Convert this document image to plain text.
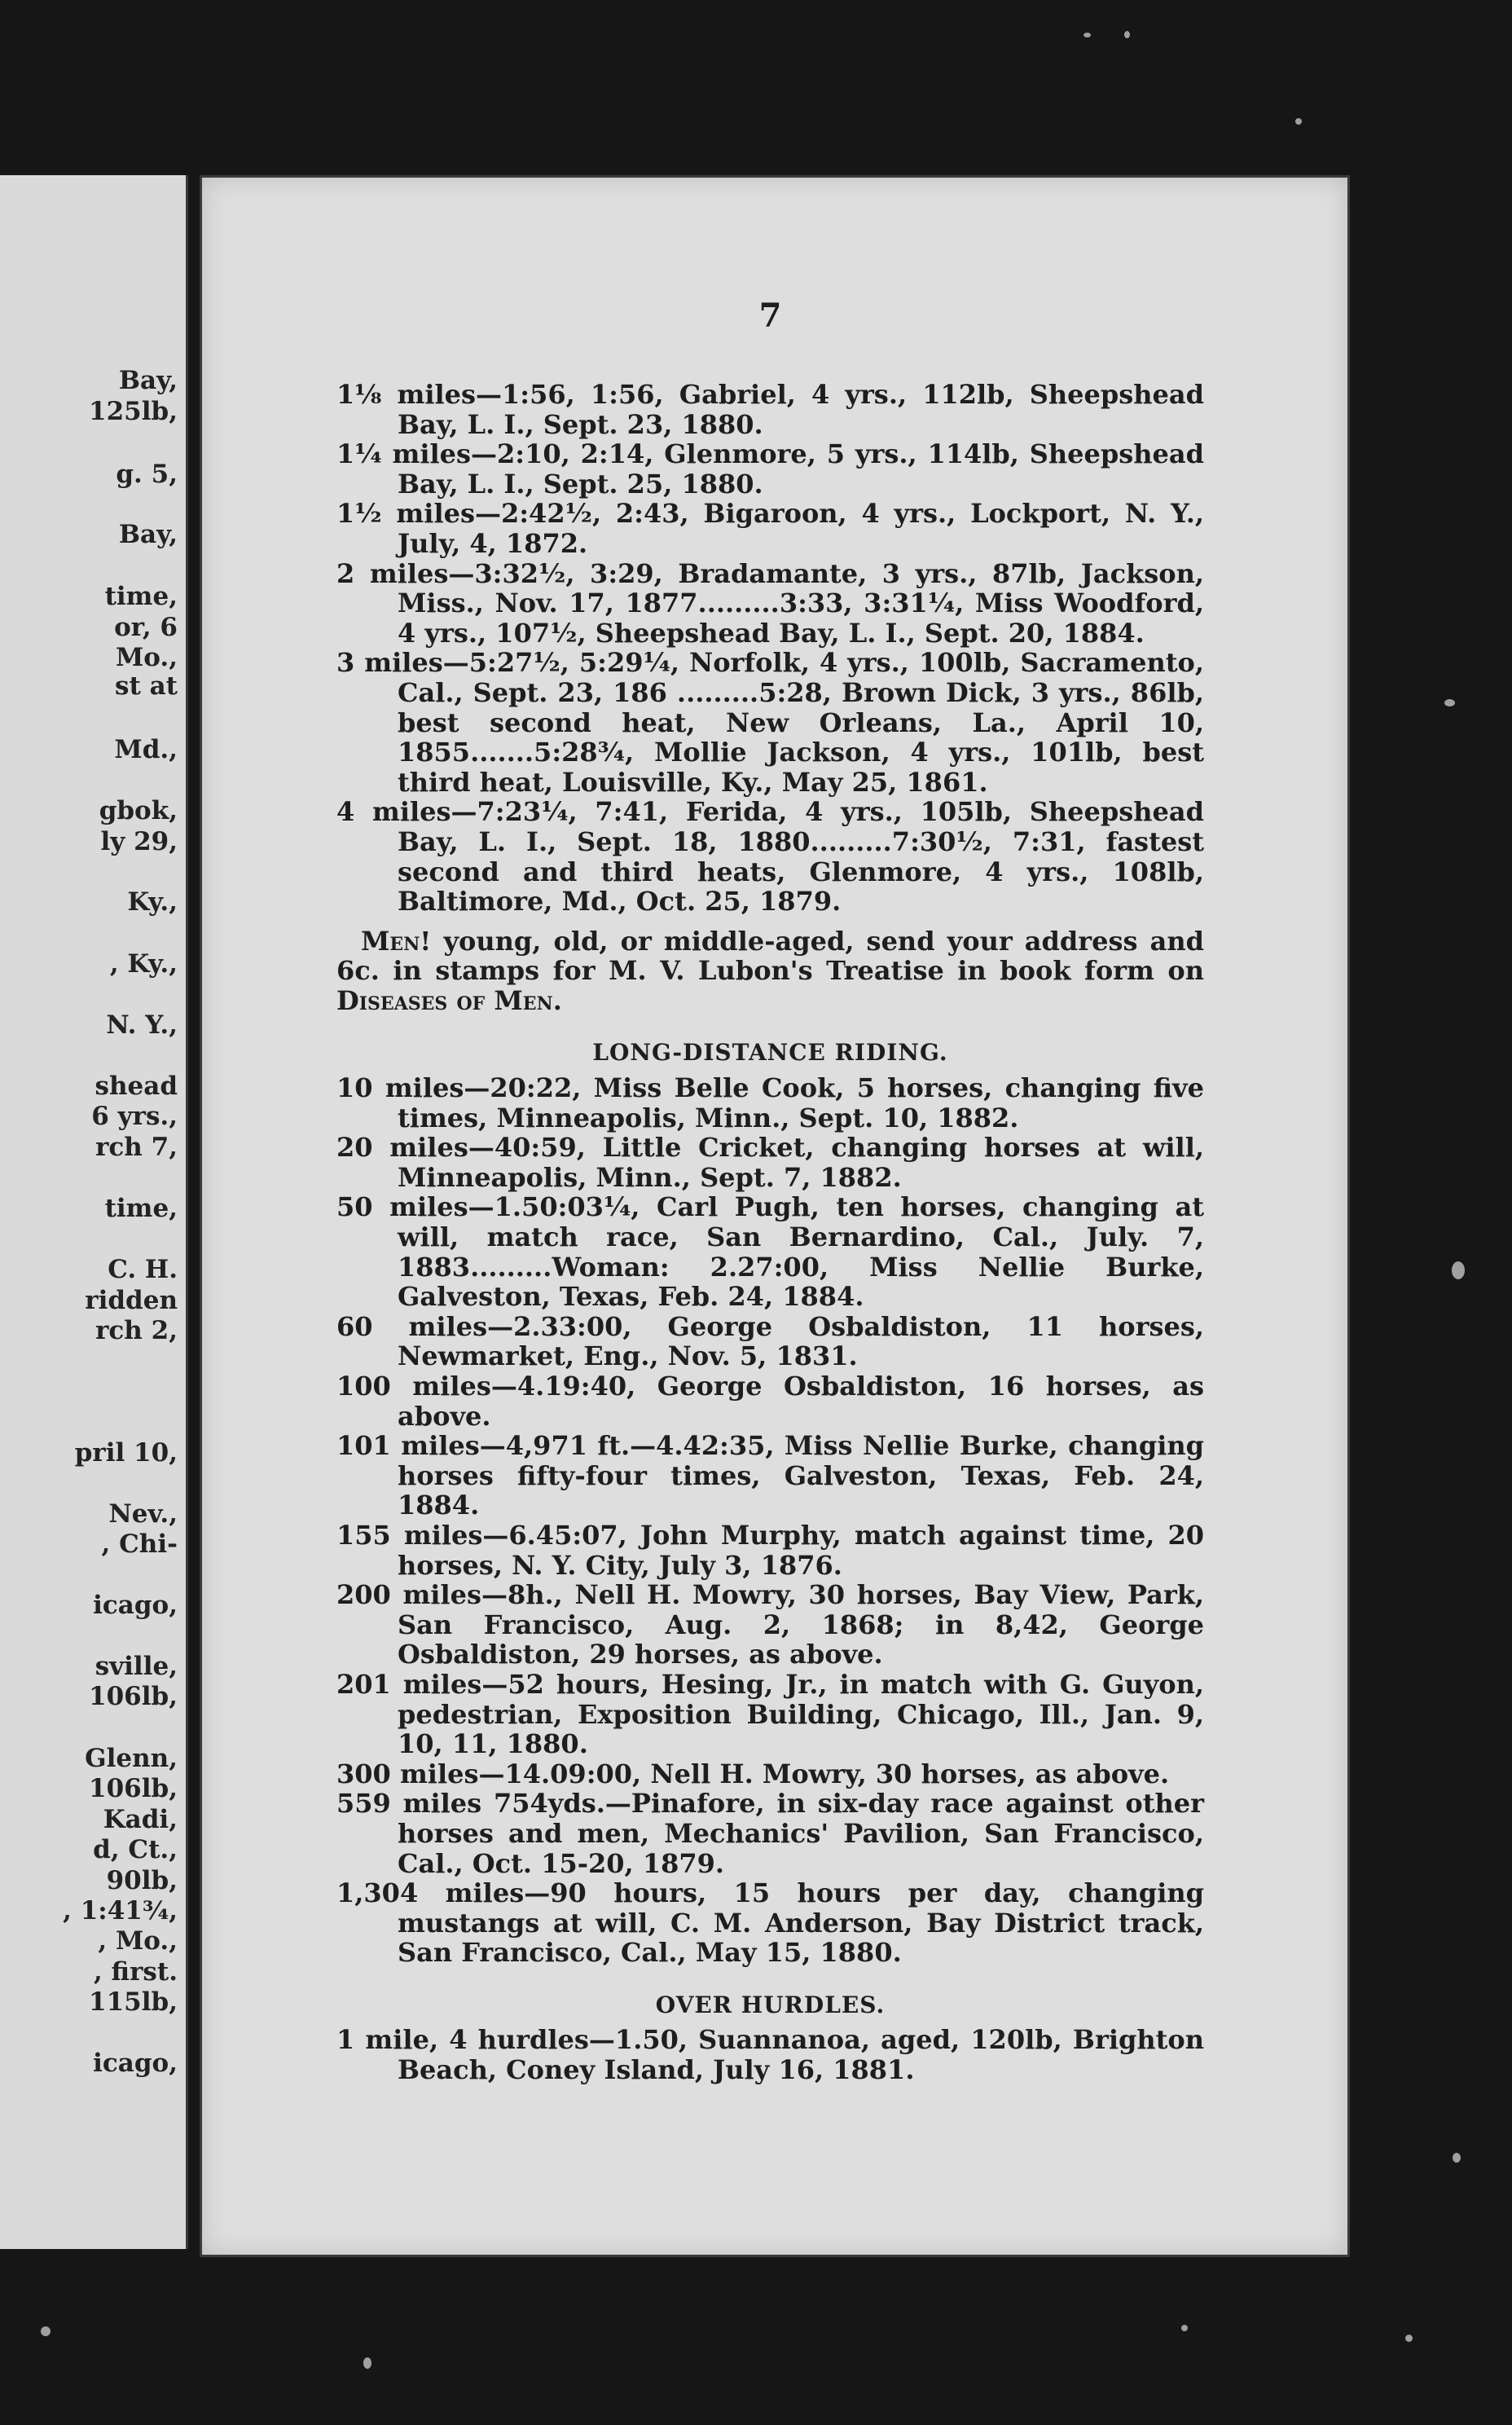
Bay,
125lb,
g. 5,
Bay,
time,
or, 6
Mo.,
st at
Md.,
gbok,
ly 29,
Ky.,
, Ky.,
N. Y.,
shead
6 yrs.,
rch 7,
time,
C. H.
ridden
rch 2,
pril 10,
Nev.,
, Chi-
icago,
sville,
106lb,
Glenn,
106lb,
Kadi,
d, Ct.,
90lb,
, 1:41¾,
, Mo.,
, first.
115lb,
icago,
7

1⅛ miles—1:56, 1:56, Gabriel, 4 yrs., 112lb, Sheepshead Bay, L. I., Sept. 23, 1880.

1¼ miles—2:10, 2:14, Glenmore, 5 yrs., 114lb, Sheepshead Bay, L. I., Sept. 25, 1880.

1½ miles—2:42½, 2:43, Bigaroon, 4 yrs., Lockport, N. Y., July, 4, 1872.

2 miles—3:32½, 3:29, Bradamante, 3 yrs., 87lb, Jackson, Miss., Nov. 17, 1877.........3:33, 3:31¼, Miss Woodford, 4 yrs., 107½, Sheepshead Bay, L. I., Sept. 20, 1884.

3 miles—5:27½, 5:29¼, Norfolk, 4 yrs., 100lb, Sacramento, Cal., Sept. 23, 186 .........5:28, Brown Dick, 3 yrs., 86lb, best second heat, New Orleans, La., April 10, 1855.......5:28¾, Mollie Jackson, 4 yrs., 101lb, best third heat, Louisville, Ky., May 25, 1861.

4 miles—7:23¼, 7:41, Ferida, 4 yrs., 105lb, Sheepshead Bay, L. I., Sept. 18, 1880.........7:30½, 7:31, fastest second and third heats, Glenmore, 4 yrs., 108lb, Baltimore, Md., Oct. 25, 1879.

Men! young, old, or middle-aged, send your address and 6c. in stamps for M. V. Lubon's Treatise in book form on Diseases of Men.

LONG-DISTANCE RIDING.

10 miles—20:22, Miss Belle Cook, 5 horses, changing five times, Minneapolis, Minn., Sept. 10, 1882.

20 miles—40:59, Little Cricket, changing horses at will, Minneapolis, Minn., Sept. 7, 1882.

50 miles—1.50:03¼, Carl Pugh, ten horses, changing at will, match race, San Bernardino, Cal., July. 7, 1883.........Woman: 2.27:00, Miss Nellie Burke, Galveston, Texas, Feb. 24, 1884.

60 miles—2.33:00, George Osbaldiston, 11 horses, Newmarket, Eng., Nov. 5, 1831.

100 miles—4.19:40, George Osbaldiston, 16 horses, as above.

101 miles—4,971 ft.—4.42:35, Miss Nellie Burke, changing horses fifty-four times, Galveston, Texas, Feb. 24, 1884.

155 miles—6.45:07, John Murphy, match against time, 20 horses, N. Y. City, July 3, 1876.

200 miles—8h., Nell H. Mowry, 30 horses, Bay View, Park, San Francisco, Aug. 2, 1868; in 8,42, George Osbaldiston, 29 horses, as above.

201 miles—52 hours, Hesing, Jr., in match with G. Guyon, pedestrian, Exposition Building, Chicago, Ill., Jan. 9, 10, 11, 1880.

300 miles—14.09:00, Nell H. Mowry, 30 horses, as above.

559 miles 754yds.—Pinafore, in six-day race against other horses and men, Mechanics' Pavilion, San Francisco, Cal., Oct. 15-20, 1879.

1,304 miles—90 hours, 15 hours per day, changing mustangs at will, C. M. Anderson, Bay District track, San Francisco, Cal., May 15, 1880.

OVER HURDLES.

1 mile, 4 hurdles—1.50, Suannanoa, aged, 120lb, Brighton Beach, Coney Island, July 16, 1881.
